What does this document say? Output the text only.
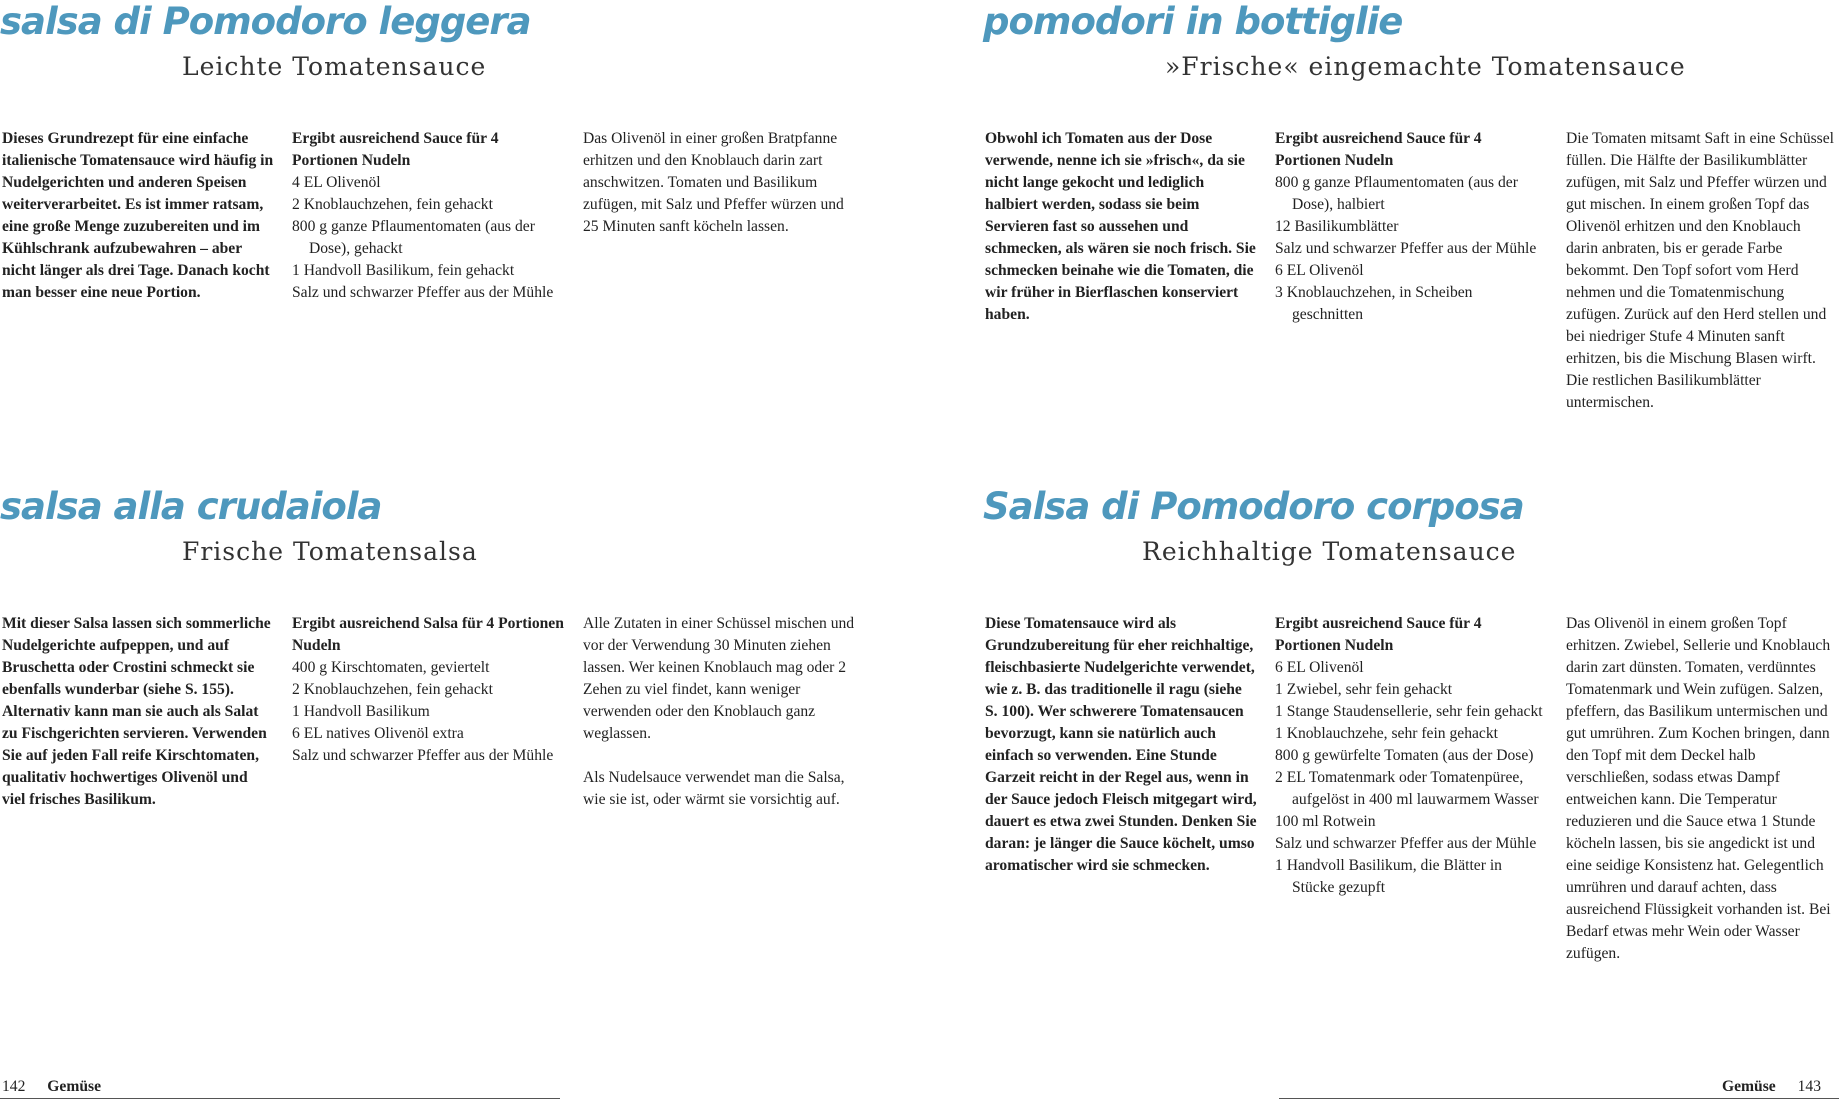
salsa di Pomodoro leggera
Leichte Tomatensauce
Dieses Grundrezept für eine einfache italienische Tomatensauce wird häufig in Nudelgerichten und anderen Speisen weiterverarbeitet. Es ist immer ratsam, eine große Menge zuzubereiten und im Kühlschrank aufzubewahren – aber nicht länger als drei Tage. Danach kocht man besser eine neue Portion.
Ergibt ausreichend Sauce für 4 Portionen Nudeln
4 EL Olivenöl
2 Knoblauchzehen, fein gehackt
800 g ganze Pflaumentomaten (aus der Dose), gehackt
1 Handvoll Basilikum, fein gehackt
Salz und schwarzer Pfeffer aus der Mühle

Das Olivenöl in einer großen Bratpfanne erhitzen und den Knoblauch darin zart anschwitzen. Tomaten und Basilikum zufügen, mit Salz und Pfeffer würzen und 25 Minuten sanft köcheln lassen.

pomodori in bottiglie
»Frische« eingemachte Tomatensauce
Obwohl ich Tomaten aus der Dose verwende, nenne ich sie »frisch«, da sie nicht lange gekocht und lediglich halbiert werden, sodass sie beim Servieren fast so aussehen und schmecken, als wären sie noch frisch. Sie schmecken beinahe wie die Tomaten, die wir früher in Bierflaschen konserviert haben.
Ergibt ausreichend Sauce für 4 Portionen Nudeln
800 g ganze Pflaumentomaten (aus der Dose), halbiert
12 Basilikumblätter
Salz und schwarzer Pfeffer aus der Mühle
6 EL Olivenöl
3 Knoblauchzehen, in Scheiben geschnitten

Die Tomaten mitsamt Saft in eine Schüssel füllen. Die Hälfte der Basilikumblätter zufügen, mit Salz und Pfeffer würzen und gut mischen. In einem großen Topf das Olivenöl erhitzen und den Knoblauch darin anbraten, bis er gerade Farbe bekommt. Den Topf sofort vom Herd nehmen und die Tomatenmischung zufügen. Zurück auf den Herd stellen und bei niedriger Stufe 4 Minuten sanft erhitzen, bis die Mischung Blasen wirft. Die restlichen Basilikumblätter untermischen.

salsa alla crudaiola
Frische Tomatensalsa
Mit dieser Salsa lassen sich sommerliche Nudelgerichte aufpeppen, und auf Bruschetta oder Crostini schmeckt sie ebenfalls wunderbar (siehe S. 155). Alternativ kann man sie auch als Salat zu Fischgerichten servieren. Verwenden Sie auf jeden Fall reife Kirschtomaten, qualitativ hochwertiges Olivenöl und viel frisches Basilikum.
Ergibt ausreichend Salsa für 4 Portionen Nudeln
400 g Kirschtomaten, geviertelt
2 Knoblauchzehen, fein gehackt
1 Handvoll Basilikum
6 EL natives Olivenöl extra
Salz und schwarzer Pfeffer aus der Mühle

Alle Zutaten in einer Schüssel mischen und vor der Verwendung 30 Minuten ziehen lassen. Wer keinen Knoblauch mag oder 2 Zehen zu viel findet, kann weniger verwenden oder den Knoblauch ganz weglassen.

Als Nudelsauce verwendet man die Salsa, wie sie ist, oder wärmt sie vorsichtig auf.

Salsa di Pomodoro corposa
Reichhaltige Tomatensauce
Diese Tomatensauce wird als Grundzubereitung für eher reichhaltige, fleischbasierte Nudelgerichte verwendet, wie z. B. das traditionelle il ragu (siehe S. 100). Wer schwerere Tomatensaucen bevorzugt, kann sie natürlich auch einfach so verwenden. Eine Stunde Garzeit reicht in der Regel aus, wenn in der Sauce jedoch Fleisch mitgegart wird, dauert es etwa zwei Stunden. Denken Sie daran: je länger die Sauce köchelt, umso aromatischer wird sie schmecken.
Ergibt ausreichend Sauce für 4 Portionen Nudeln
6 EL Olivenöl
1 Zwiebel, sehr fein gehackt
1 Stange Staudensellerie, sehr fein gehackt
1 Knoblauchzehe, sehr fein gehackt
800 g gewürfelte Tomaten (aus der Dose)
2 EL Tomatenmark oder Tomatenpüree, aufgelöst in 400 ml lauwarmem Wasser
100 ml Rotwein
Salz und schwarzer Pfeffer aus der Mühle
1 Handvoll Basilikum, die Blätter in Stücke gezupft

Das Olivenöl in einem großen Topf erhitzen. Zwiebel, Sellerie und Knoblauch darin zart dünsten. Tomaten, verdünntes Tomatenmark und Wein zufügen. Salzen, pfeffern, das Basilikum untermischen und gut umrühren. Zum Kochen bringen, dann den Topf mit dem Deckel halb verschließen, sodass etwas Dampf entweichen kann. Die Temperatur reduzieren und die Sauce etwa 1 Stunde köcheln lassen, bis sie angedickt ist und eine seidige Konsistenz hat. Gelegentlich umrühren und darauf achten, dass ausreichend Flüssigkeit vorhanden ist. Bei Bedarf etwas mehr Wein oder Wasser zufügen.

142 Gemüse	Gemüse 143
